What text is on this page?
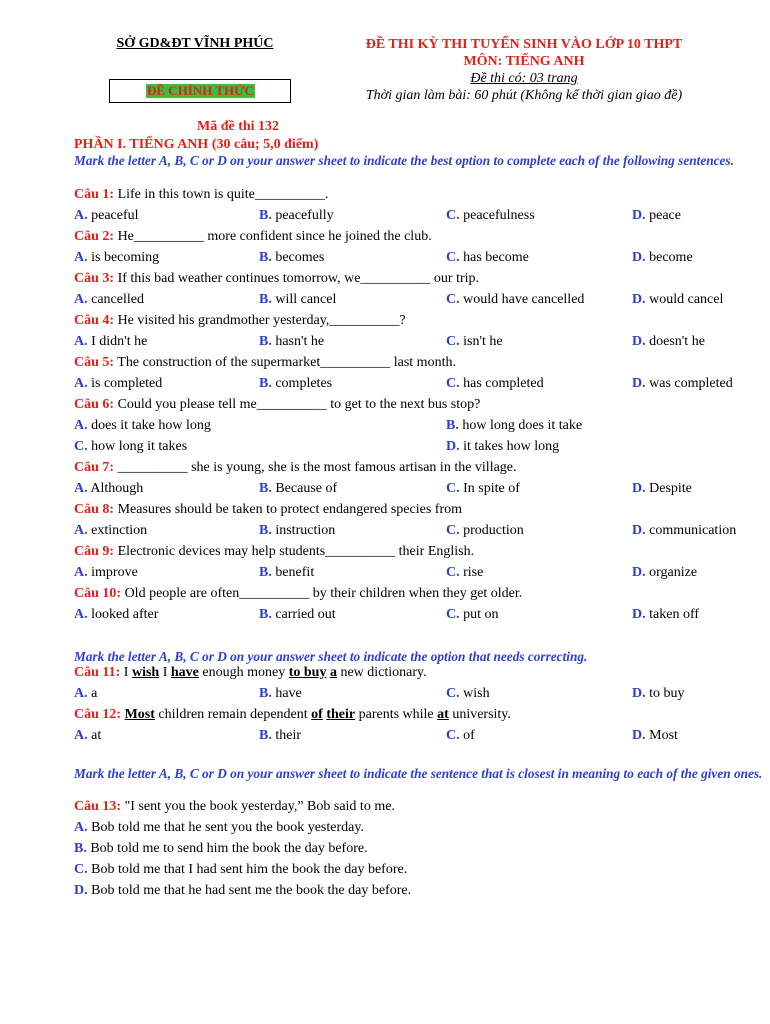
SỞ GD&ĐT VĨNH PHÚC	ĐỀ THI KỲ THI TUYỂN SINH VÀO LỚP 10 THPT
MÔN: TIẾNG ANH
Đề thi có: 03 trang
Thời gian làm bài: 60 phút (Không kể thời gian giao đề)
ĐỀ CHÍNH THỨC
Mã đề thi 132
PHẦN I. TIẾNG ANH (30 câu; 5,0 điểm)
Mark the letter A, B, C or D on your answer sheet to indicate the best option to complete each of the following sentences.
Câu 1: Life in this town is quite__________.
A. peaceful	B. peacefully	C. peacefulness	D. peace
Câu 2: He__________ more confident since he joined the club.
A. is becoming	B. becomes	C. has become	D. become
Câu 3: If this bad weather continues tomorrow, we__________ our trip.
A. cancelled	B. will cancel	C. would have cancelled	D. would cancel
Câu 4: He visited his grandmother yesterday,__________?
A. I didn't he	B. hasn't he	C. isn't he	D. doesn't he
Câu 5: The construction of the supermarket__________ last month.
A. is completed	B. completes	C. has completed	D. was completed
Câu 6: Could you please tell me__________ to get to the next bus stop?
A. does it take how long	B. how long does it take
C. how long it takes	D. it takes how long
Câu 7: __________ she is young, she is the most famous artisan in the village.
A. Although	B. Because of	C. In spite of	D. Despite
Câu 8: Measures should be taken to protect endangered species from
A. extinction	B. instruction	C. production	D. communication
Câu 9: Electronic devices may help students__________ their English.
A. improve	B. benefit	C. rise	D. organize
Câu 10: Old people are often__________ by their children when they get older.
A. looked after	B. carried out	C. put on	D. taken off
Mark the letter A, B, C or D on your answer sheet to indicate the option that needs correcting.
Câu 11: I wish I have enough money to buy a new dictionary.
A. a	B. have	C. wish	D. to buy
Câu 12: Most children remain dependent of their parents while at university.
A. at	B. their	C. of	D. Most
Mark the letter A, B, C or D on your answer sheet to indicate the sentence that is closest in meaning to each of the given ones.
Câu 13: "I sent you the book yesterday,” Bob said to me.
A. Bob told me that he sent you the book yesterday.
B. Bob told me to send him the book the day before.
C. Bob told me that I had sent him the book the day before.
D. Bob told me that he had sent me the book the day before.
